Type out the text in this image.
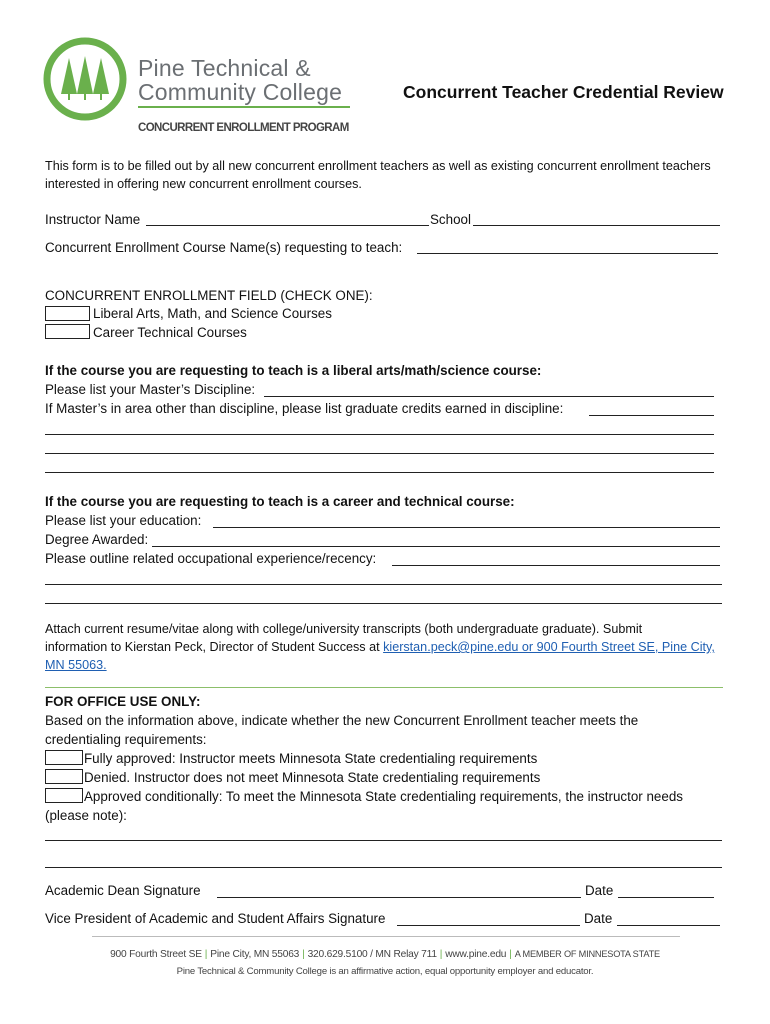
Pine Technical &

Community College
CONCURRENT ENROLLMENT PROGRAM
Concurrent Teacher Credential Review
This form is to be filled out by all new concurrent enrollment teachers as well as existing concurrent enrollment teachers
interested in offering new concurrent enrollment courses.
Instructor Name	School
Concurrent Enrollment Course Name(s) requesting to teach:
CONCURRENT ENROLLMENT FIELD (CHECK ONE):
Liberal Arts, Math, and Science Courses
Career Technical Courses
If the course you are requesting to teach is a liberal arts/math/science course:
Please list your Master’s Discipline:
If Master’s in area other than discipline, please list graduate credits earned in discipline:
If the course you are requesting to teach is a career and technical course:
Please list your education:
Degree Awarded:
Please outline related occupational experience/recency:
Attach current resume/vitae along with college/university transcripts (both undergraduate graduate). Submit
information to Kierstan Peck, Director of Student Success at kierstan.peck@pine.edu or 900 Fourth Street SE, Pine City,
MN 55063.
FOR OFFICE USE ONLY:
Based on the information above, indicate whether the new Concurrent Enrollment teacher meets the
credentialing requirements:
Fully approved: Instructor meets Minnesota State credentialing requirements
Denied. Instructor does not meet Minnesota State credentialing requirements
Approved conditionally: To meet the Minnesota State credentialing requirements, the instructor needs
(please note):
Academic Dean Signature	Date
Vice President of Academic and Student Affairs Signature	Date
900 Fourth Street SE | Pine City, MN 55063 | 320.629.5100 / MN Relay 711 | www.pine.edu | A MEMBER OF MINNESOTA STATE
Pine Technical & Community College is an affirmative action, equal opportunity employer and educator.
